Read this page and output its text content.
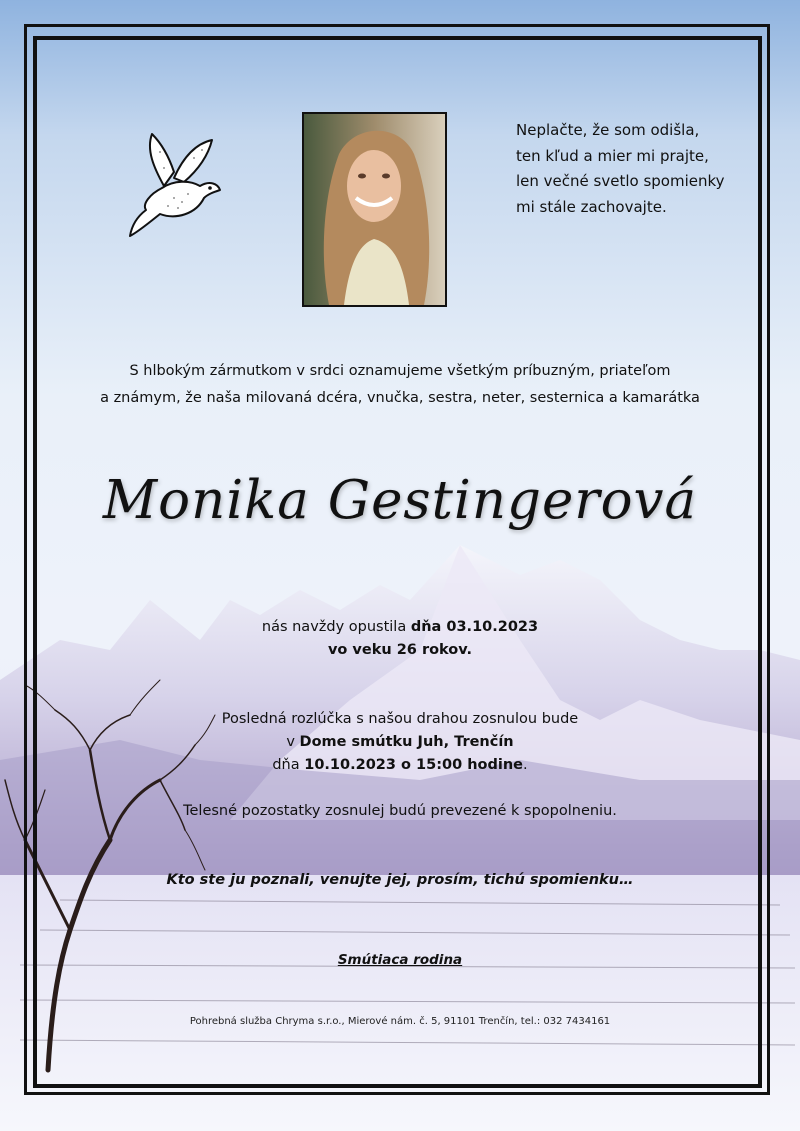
Neplačte, že som odišla,
ten kľud a mier mi prajte,
len večné svetlo spomienky
mi stále zachovajte.
S hlbokým zármutkom v srdci oznamujeme všetkým príbuzným, priateľom
a známym, že naša milovaná dcéra, vnučka, sestra, neter, sesternica a kamarátka
Monika Gestingerová
nás navždy opustila dňa 03.10.2023
vo veku 26 rokov.
Posledná rozlúčka s našou drahou zosnulou bude
v Dome smútku Juh, Trenčín
dňa 10.10.2023 o 15:00 hodine.
Telesné pozostatky zosnulej budú prevezené k spopolneniu.
Kto ste ju poznali, venujte jej, prosím, tichú spomienku…
Smútiaca rodina
Pohrebná služba Chryma s.r.o., Mierové nám. č. 5, 91101 Trenčín, tel.: 032 7434161
